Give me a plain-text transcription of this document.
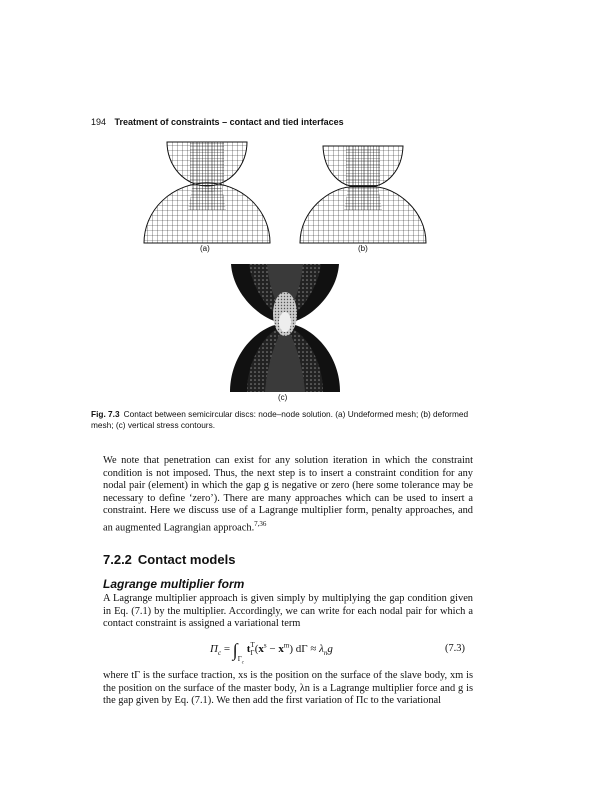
194 Treatment of constraints – contact and tied interfaces
(a)	(b)
(c)
Fig. 7.3 Contact between semicircular discs: node–node solution. (a) Undeformed mesh; (b) deformed mesh; (c) vertical stress contours.
We note that penetration can exist for any solution iteration in which the constraint condition is not imposed. Thus, the next step is to insert a constraint condition for any nodal pair (element) in which the gap g is negative or zero (here some tolerance may be necessary to define ‘zero’). There are many approaches which can be used to insert a constraint. Here we discuss use of a Lagrange multiplier form, penalty approaches, and an augmented Lagrangian approach.$^{7,36}$
7.2.2 Contact models
Lagrange multiplier form
A Lagrange multiplier approach is given simply by multiplying the gap condition given in Eq. (7.1) by the multiplier. Accordingly, we can write for each nodal pair for which a contact constraint is assigned a variational term
$\Pi_c = \int_{\Gamma_c}$ $t_\Gamma^T(x^s - x^m) d\Gamma \approx \lambda_ng$	(7.3)
where tΓ is the surface traction, xs is the position on the surface of the slave body, xm is the position on the surface of the master body, λn is a Lagrange multiplier force and g is the gap given by Eq. (7.1). We then add the first variation of Πc to the variational
